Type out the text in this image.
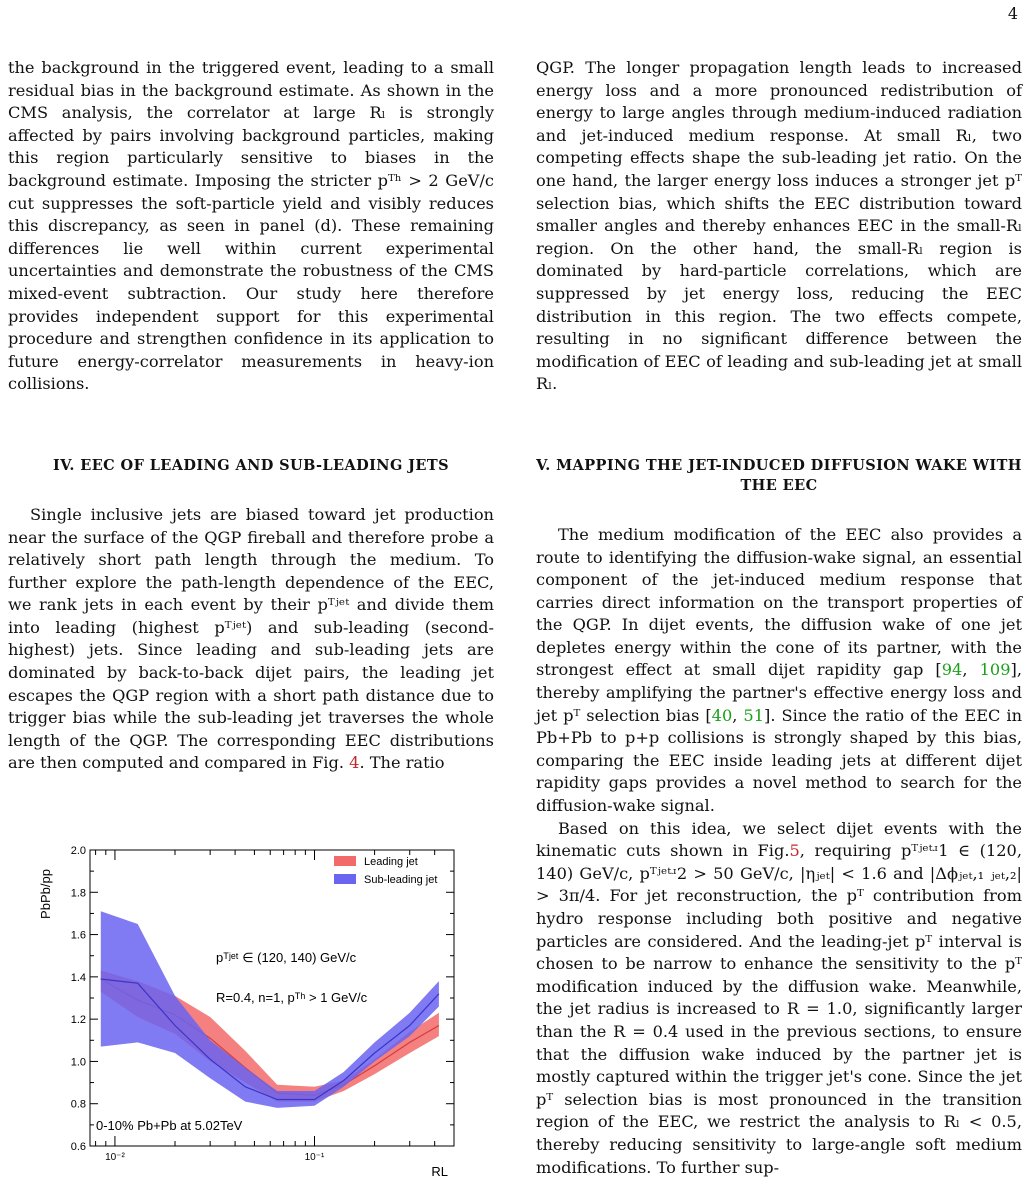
4

the background in the triggered event, leading to a small residual bias in the background estimate. As shown in the CMS analysis, the correlator at large Rₗ is strongly affected by pairs involving background particles, making this region particularly sensitive to biases in the background estimate. Imposing the stricter pᵀʰ > 2 GeV/c cut suppresses the soft-particle yield and visibly reduces this discrepancy, as seen in panel (d). These remaining differences lie well within current experimental uncertainties and demonstrate the robustness of the CMS mixed-event subtraction. Our study here therefore provides independent support for this experimental procedure and strengthen confidence in its application to future energy-correlator measurements in heavy-ion collisions.

IV. EEC OF LEADING AND SUB-LEADING JETS

Single inclusive jets are biased toward jet production near the surface of the QGP fireball and therefore probe a relatively short path length through the medium. To further explore the path-length dependence of the EEC, we rank jets in each event by their pᵀʲᵉᵗ and divide them into leading (highest pᵀʲᵉᵗ) and sub-leading (second-highest) jets. Since leading and sub-leading jets are dominated by back-to-back dijet pairs, the leading jet escapes the QGP region with a short path distance due to trigger bias while the sub-leading jet traverses the whole length of the QGP. The corresponding EEC distributions are then computed and compared in Fig. 4. The ratio

QGP. The longer propagation length leads to increased energy loss and a more pronounced redistribution of energy to large angles through medium-induced radiation and jet-induced medium response. At small Rₗ, two competing effects shape the sub-leading jet ratio. On the one hand, the larger energy loss induces a stronger jet pᵀ selection bias, which shifts the EEC distribution toward smaller angles and thereby enhances EEC in the small-Rₗ region. On the other hand, the small-Rₗ region is dominated by hard-particle correlations, which are suppressed by jet energy loss, reducing the EEC distribution in this region. The two effects compete, resulting in no significant difference between the modification of EEC of leading and sub-leading jet at small Rₗ.

V. MAPPING THE JET-INDUCED DIFFUSION WAKE WITH THE EEC

The medium modification of the EEC also provides a route to identifying the diffusion-wake signal, an essential component of the jet-induced medium response that carries direct information on the transport properties of the QGP. In dijet events, the diffusion wake of one jet depletes energy within the cone of its partner, with the strongest effect at small dijet rapidity gap [94, 109], thereby amplifying the partner's effective energy loss and jet pᵀ selection bias [40, 51]. Since the ratio of the EEC in Pb+Pb to p+p collisions is strongly shaped by this bias, comparing the EEC inside leading jets at different dijet rapidity gaps provides a novel method to search for the diffusion-wake signal.

Based on this idea, we select dijet events with the kinematic cuts shown in Fig.5, requiring pᵀʲᵉᵗʴ1 ∈ (120, 140) GeV/c, pᵀʲᵉᵗʴ2 > 50 GeV/c, |ηⱼₑₜ| < 1.6 and |Δϕⱼₑₜ,₁ ⱼₑₜ,₂| > 3π/4. For jet reconstruction, the pᵀ contribution from hydro response including both positive and negative particles are considered. And the leading-jet pᵀ interval is chosen to be narrow to enhance the sensitivity to the pᵀ modification induced by the diffusion wake. Meanwhile, the jet radius is increased to R = 1.0, significantly larger than the R = 0.4 used in the previous sections, to ensure that the diffusion wake induced by the partner jet is mostly captured within the trigger jet's cone. Since the jet pᵀ selection bias is most pronounced in the transition region of the EEC, we restrict the analysis to Rₗ < 0.5, thereby reducing sensitivity to large-angle soft medium modifications. To further sup-

0.6
0.8
1.0
1.2
1.4
1.6
1.8
2.0
10⁻²	10⁻¹
PbPb/pp
RL
pᵀʲᵉᵗ ∈ (120, 140) GeV/c
R=0.4, n=1, pᵀʰ > 1 GeV/c
0-10% Pb+Pb at 5.02TeV
Leading jet
Sub-leading jet
